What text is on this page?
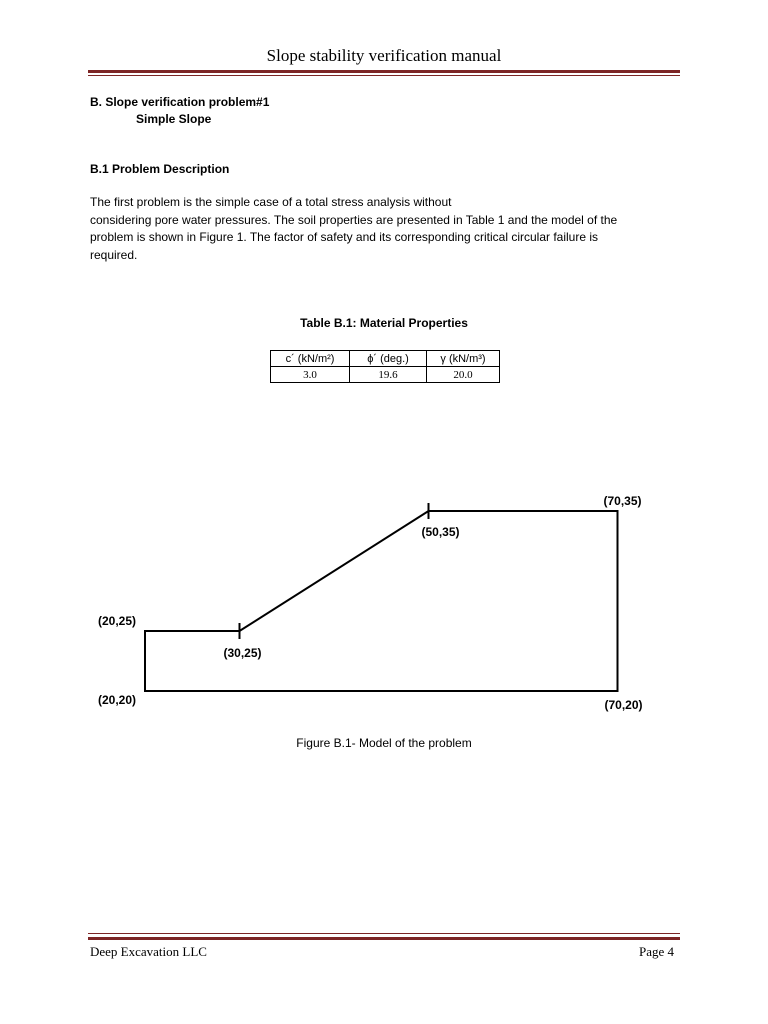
Slope stability verification manual
B. Slope verification problem#1
Simple Slope
B.1 Problem Description
The first problem is the simple case of a total stress analysis without
considering pore water pressures. The soil properties are presented in Table 1 and the model of the
problem is shown in Figure 1. The factor of safety and its corresponding critical circular failure is
required.
Table B.1: Material Properties
c´ (kN/m²)	ϕ´ (deg.)	γ (kN/m³)
3.0	19.6	20.0
(20,20)
(20,25)
(30,25)
(50,35)
(70,35)
(70,20)
Figure B.1- Model of the problem
Deep Excavation LLC	Page 4
